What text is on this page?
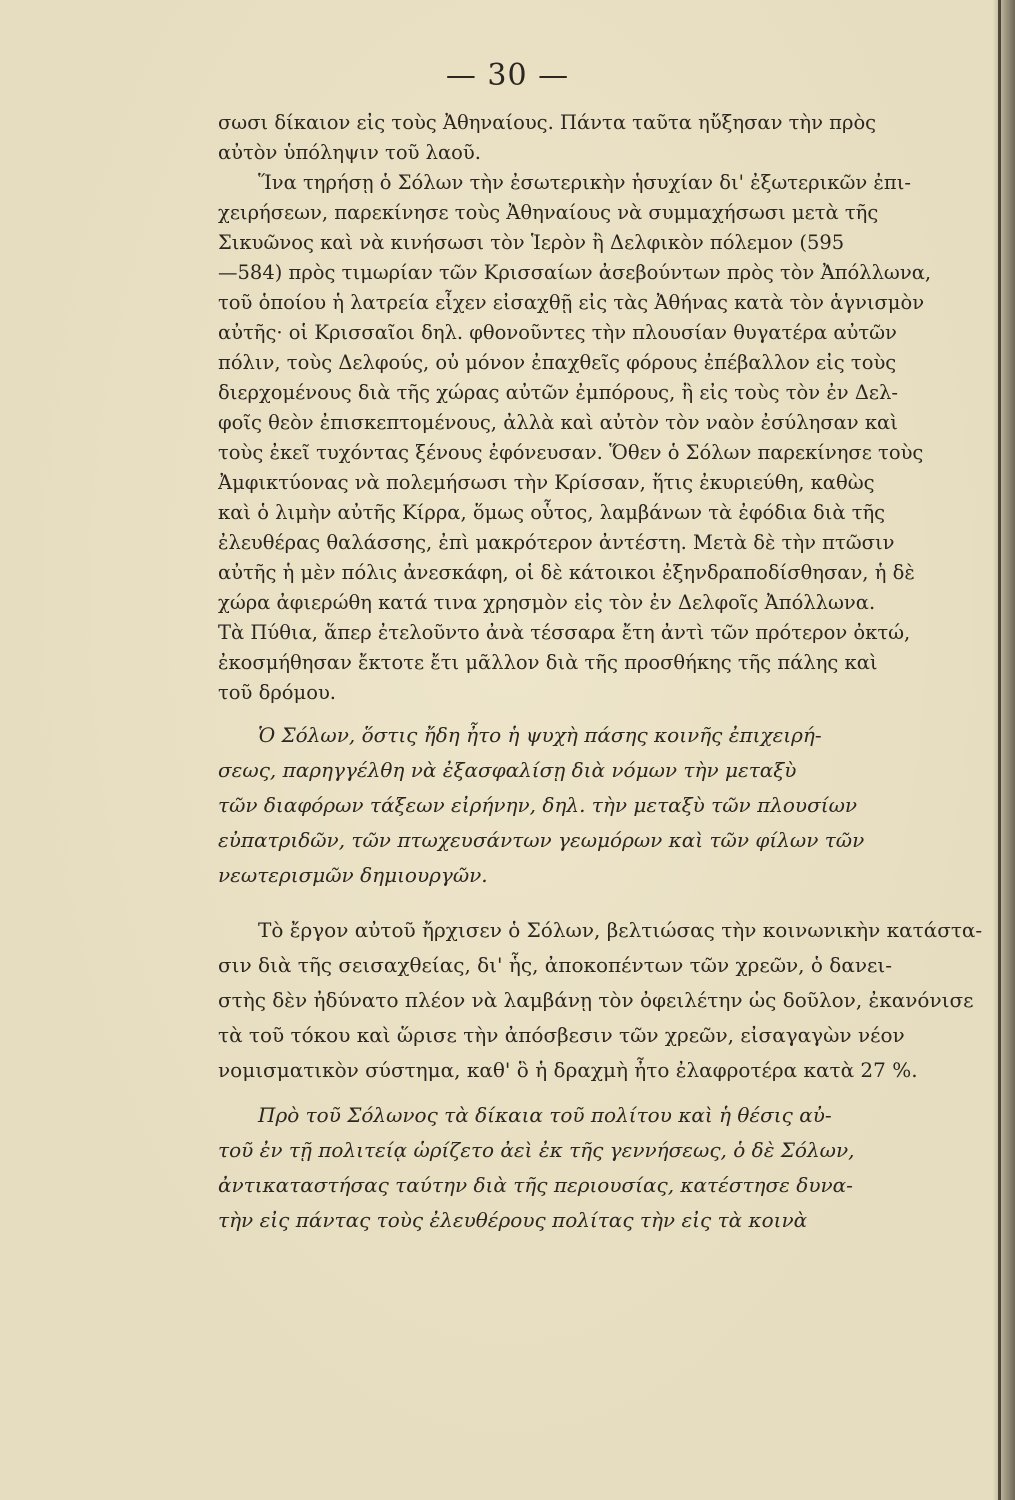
— 30 —
σωσι δίκαιον εἰς τοὺς Ἀθηναίους. Πάντα ταῦτα ηὔξησαν τὴν πρὸς
αὐτὸν ὑπόληψιν τοῦ λαοῦ.
Ἵνα τηρήσῃ ὁ Σόλων τὴν ἐσωτερικὴν ἡσυχίαν δι' ἐξωτερικῶν ἐπι-
χειρήσεων, παρεκίνησε τοὺς Ἀθηναίους νὰ συμμαχήσωσι μετὰ τῆς
Σικυῶνος καὶ νὰ κινήσωσι τὸν Ἱερὸν ἢ Δελφικὸν πόλεμον (595
—584) πρὸς τιμωρίαν τῶν Κρισσαίων ἀσεβούντων πρὸς τὸν Ἀπόλλωνα,
τοῦ ὁποίου ἡ λατρεία εἶχεν εἰσαχθῇ εἰς τὰς Ἀθήνας κατὰ τὸν ἁγνισμὸν
αὐτῆς· οἱ Κρισσαῖοι δηλ. φθονοῦντες τὴν πλουσίαν θυγατέρα αὐτῶν
πόλιν, τοὺς Δελφούς, οὐ μόνον ἐπαχθεῖς φόρους ἐπέβαλλον εἰς τοὺς
διερχομένους διὰ τῆς χώρας αὐτῶν ἐμπόρους, ἢ εἰς τοὺς τὸν ἐν Δελ-
φοῖς θεὸν ἐπισκεπτομένους, ἀλλὰ καὶ αὐτὸν τὸν ναὸν ἐσύλησαν καὶ
τοὺς ἐκεῖ τυχόντας ξένους ἐφόνευσαν. Ὅθεν ὁ Σόλων παρεκίνησε τοὺς
Ἀμφικτύονας νὰ πολεμήσωσι τὴν Κρίσσαν, ἥτις ἐκυριεύθη, καθὼς
καὶ ὁ λιμὴν αὐτῆς Κίρρα, ὅμως οὗτος, λαμβάνων τὰ ἐφόδια διὰ τῆς
ἐλευθέρας θαλάσσης, ἐπὶ μακρότερον ἀντέστη. Μετὰ δὲ τὴν πτῶσιν
αὐτῆς ἡ μὲν πόλις ἀνεσκάφη, οἱ δὲ κάτοικοι ἐξηνδραποδίσθησαν, ἡ δὲ
χώρα ἀφιερώθη κατά τινα χρησμὸν εἰς τὸν ἐν Δελφοῖς Ἀπόλλωνα.
Τὰ Πύθια, ἅπερ ἐτελοῦντο ἀνὰ τέσσαρα ἔτη ἀντὶ τῶν πρότερον ὀκτώ,
ἐκοσμήθησαν ἔκτοτε ἔτι μᾶλλον διὰ τῆς προσθήκης τῆς πάλης καὶ
τοῦ δρόμου.
Ὁ Σόλων, ὅστις ἤδη ἦτο ἡ ψυχὴ πάσης κοινῆς ἐπιχειρή-
σεως, παρηγγέλθη νὰ ἐξασφαλίσῃ διὰ νόμων τὴν μεταξὺ
τῶν διαφόρων τάξεων εἰρήνην, δηλ. τὴν μεταξὺ τῶν πλουσίων
εὐπατριδῶν, τῶν πτωχευσάντων γεωμόρων καὶ τῶν φίλων τῶν
νεωτερισμῶν δημιουργῶν.
Τὸ ἔργον αὐτοῦ ἤρχισεν ὁ Σόλων, βελτιώσας τὴν κοινωνικὴν κατάστα-
σιν διὰ τῆς σεισαχθείας, δι' ἧς, ἀποκοπέντων τῶν χρεῶν, ὁ δανει-
στὴς δὲν ἠδύνατο πλέον νὰ λαμβάνῃ τὸν ὀφειλέτην ὡς δοῦλον, ἐκανόνισε
τὰ τοῦ τόκου καὶ ὥρισε τὴν ἀπόσβεσιν τῶν χρεῶν, εἰσαγαγὼν νέον
νομισματικὸν σύστημα, καθ' ὃ ἡ δραχμὴ ἦτο ἐλαφροτέρα κατὰ 27 %.
Πρὸ τοῦ Σόλωνος τὰ δίκαια τοῦ πολίτου καὶ ἡ θέσις αὐ-
τοῦ ἐν τῇ πολιτείᾳ ὡρίζετο ἀεὶ ἐκ τῆς γεννήσεως, ὁ δὲ Σόλων,
ἀντικαταστήσας ταύτην διὰ τῆς περιουσίας, κατέστησε δυνα-
τὴν εἰς πάντας τοὺς ἐλευθέρους πολίτας τὴν εἰς τὰ κοινὰ
